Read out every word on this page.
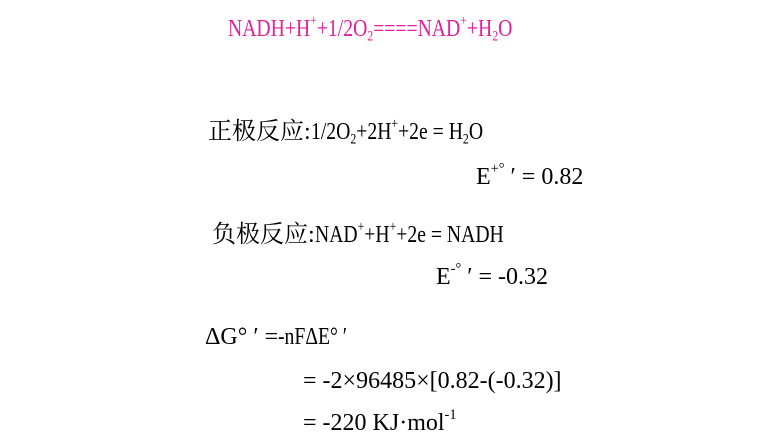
$NADH+H^++1/2O_2====NAD^++H_2O$
正极反应$:1/2O_2+2H^++2e = H_2O$
E+° ′ = 0.82
负极反应:NAD++H++2e = NADH
E-° ′ = -0.32
ΔG° ′ =-nFΔE° ′
= -2×96485×[0.82-(-0.32)]
= -220 KJ·mol$^{-1}$
